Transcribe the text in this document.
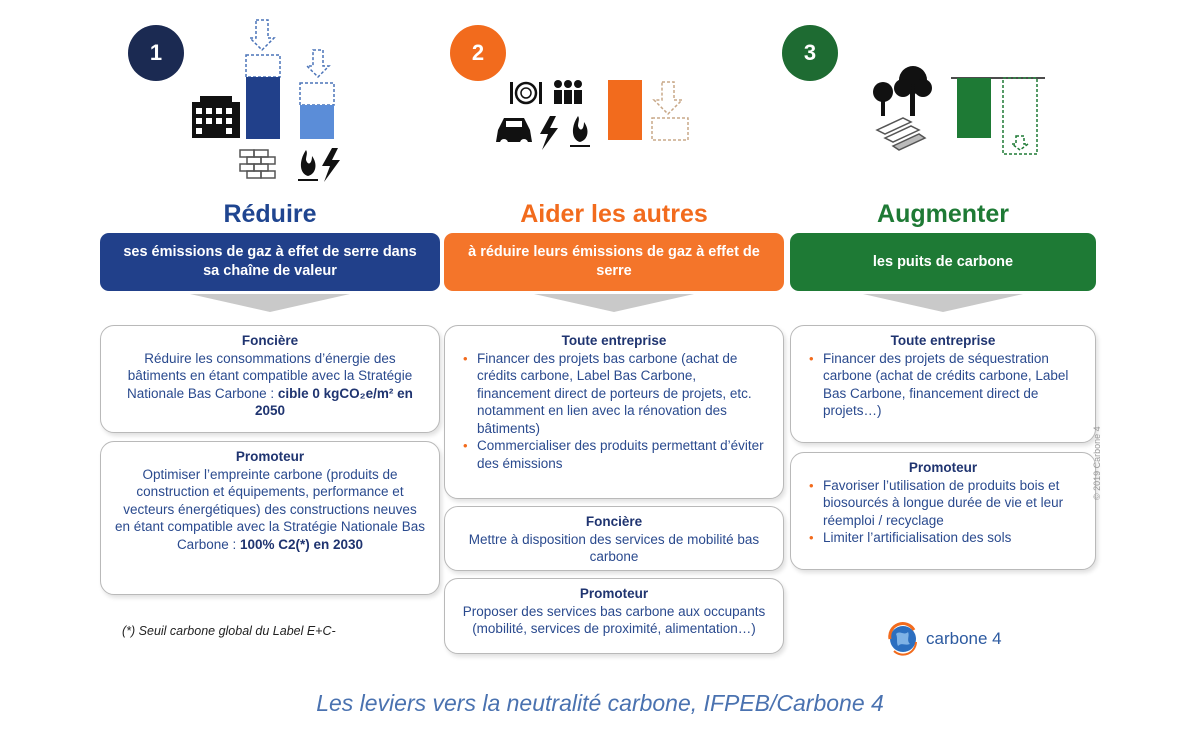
1
Réduire
ses émissions de gaz à effet de serre dans sa chaîne de valeur
Foncière
Réduire les consommations d’énergie des bâtiments en étant compatible avec la Stratégie Nationale Bas Carbone : cible 0 kgCO₂e/m² en 2050
Promoteur
Optimiser l’empreinte carbone (produits de construction et équipements, performance et vecteurs énergétiques) des constructions neuves en étant compatible avec la Stratégie Nationale Bas Carbone : 100% C2(*) en 2030
2
Aider les autres
à réduire leurs émissions de gaz à effet de serre
Toute entreprise
• Financer des projets bas carbone (achat de crédits carbone, Label Bas Carbone, financement direct de porteurs de projets, etc. notamment en lien avec la rénovation des bâtiments)
• Commercialiser des produits permettant d’éviter des émissions
Foncière
Mettre à disposition des services de mobilité bas carbone
Promoteur
Proposer des services bas carbone aux occupants (mobilité, services de proximité, alimentation…)
3
Augmenter
les puits de carbone
Toute entreprise
• Financer des projets de séquestration carbone (achat de crédits carbone, Label Bas Carbone, financement direct de projets…)
Promoteur
• Favoriser l’utilisation de produits bois et biosourcés à longue durée de vie et leur réemploi / recyclage
• Limiter l’artificialisation des sols
(*) Seuil carbone global du Label E+C-
© 2019 Carbone 4
carbone 4
Les leviers vers la neutralité carbone, IFPEB/Carbone 4
